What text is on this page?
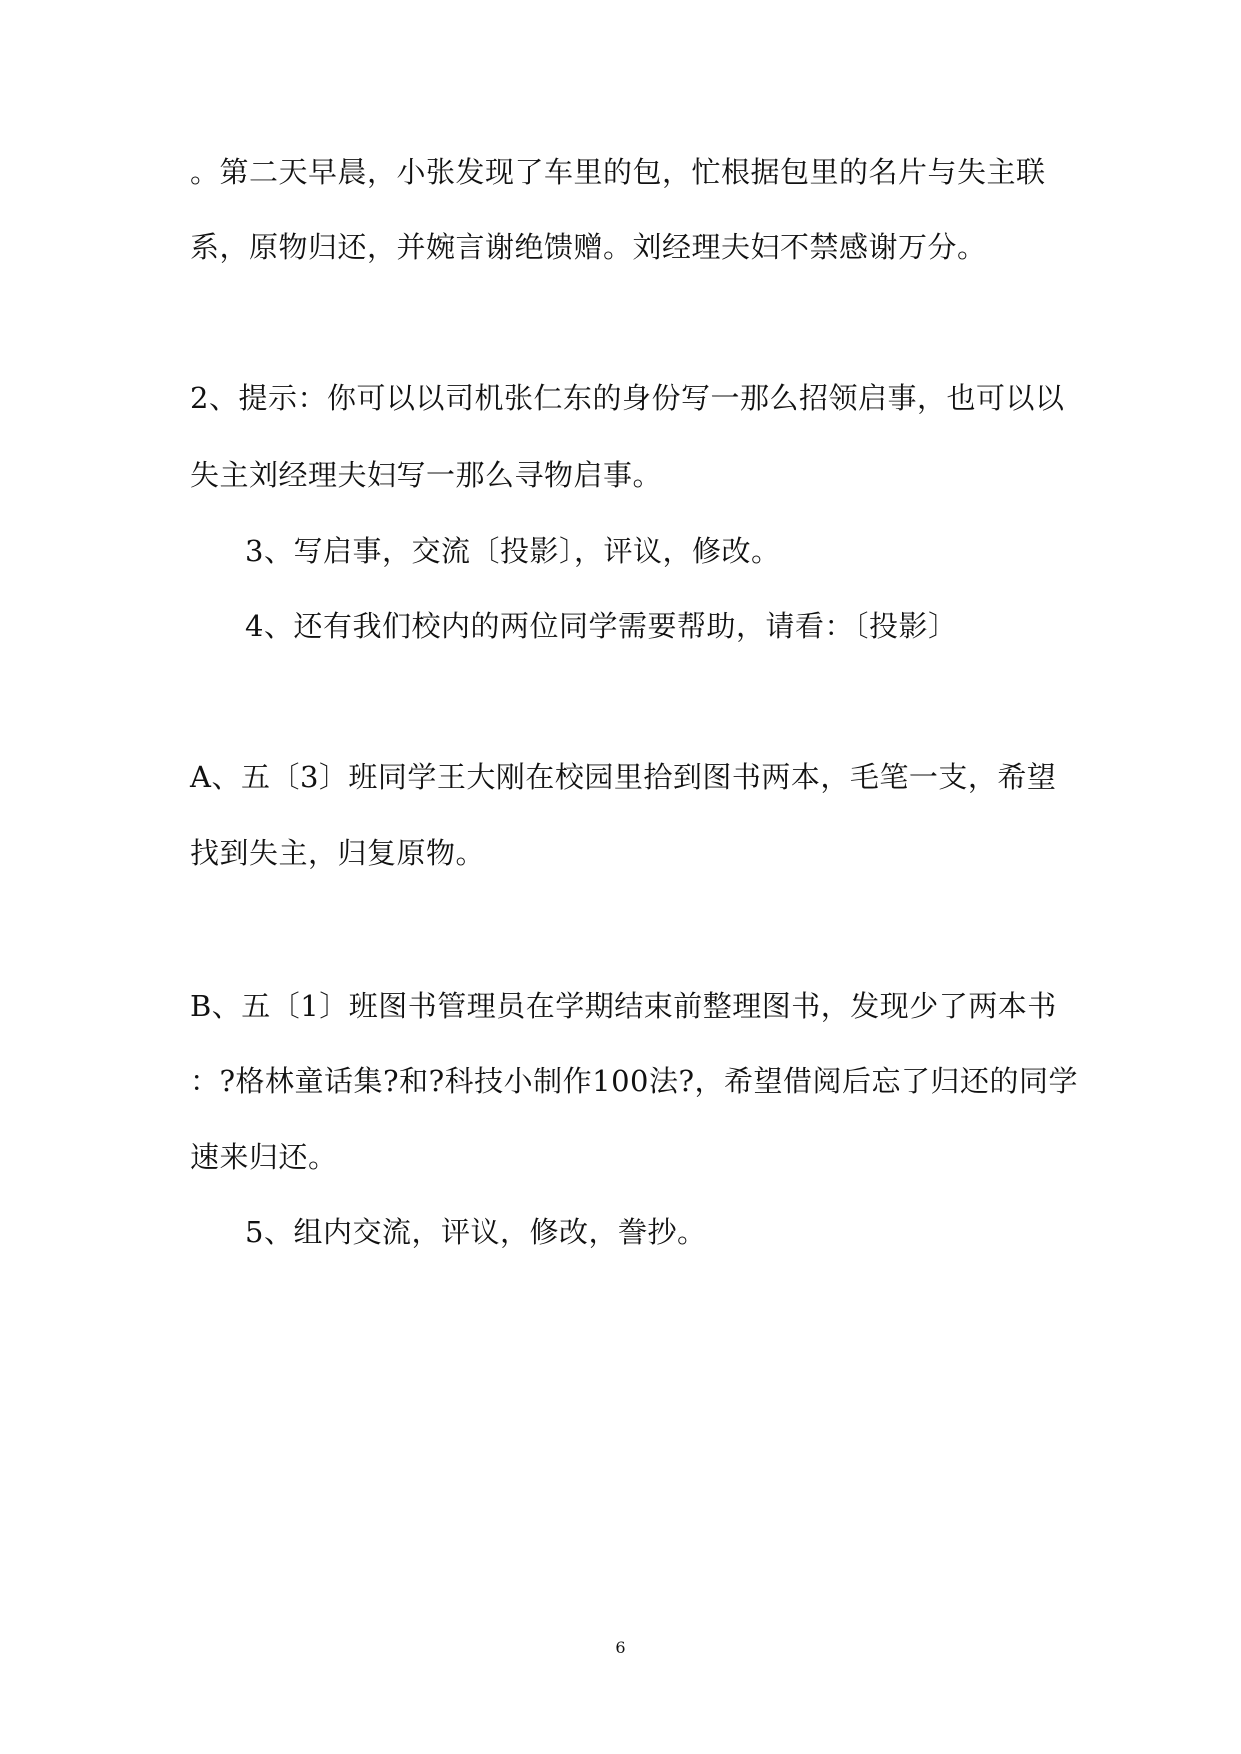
。第二天早晨，小张发现了车里的包，忙根据包里的名片与失主联
系，原物归还，并婉言谢绝馈赠。刘经理夫妇不禁感谢万分。
2、提示：你可以以司机张仁东的身份写一那么招领启事，也可以以
失主刘经理夫妇写一那么寻物启事。
3、写启事，交流〔投影〕，评议，修改。
4、还有我们校内的两位同学需要帮助，请看：〔投影〕
A、五〔3〕班同学王大刚在校园里拾到图书两本，毛笔一支，希望
找到失主，归复原物。
B、五〔1〕班图书管理员在学期结束前整理图书，发现少了两本书
：?格林童话集?和?科技小制作100法?，希望借阅后忘了归还的同学
速来归还。
5、组内交流，评议，修改，誊抄。
6
